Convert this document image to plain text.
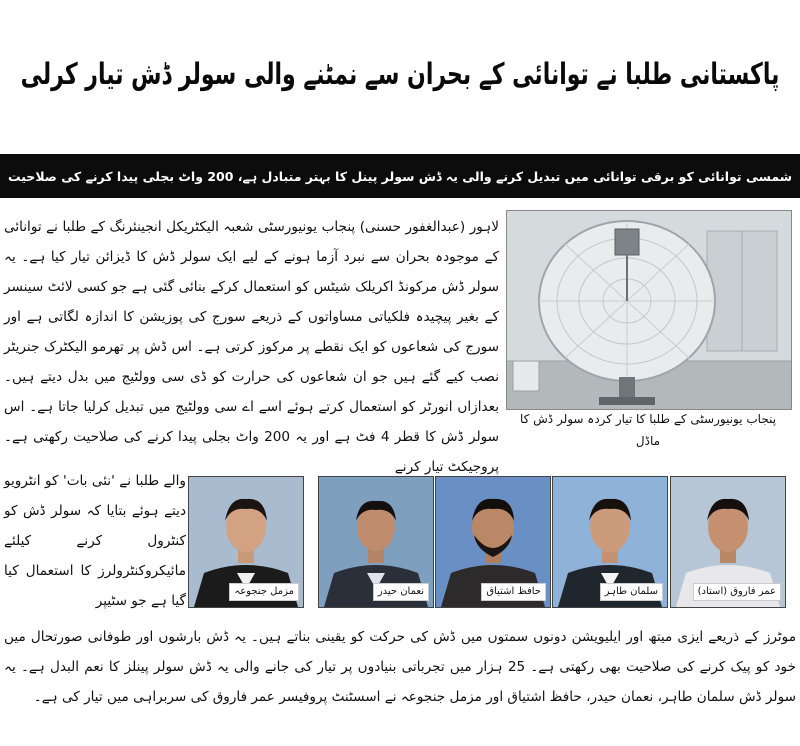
پاکستانی طلبا نے توانائی کے بحران سے نمٹنے والی سولر ڈش تیار کرلی
شمسی توانائی کو برقی توانائی میں تبدیل کرنے والی یہ ڈش سولر پینل کا بہتر متبادل ہے، 200 واٹ بجلی پیدا کرنے کی صلاحیت

لاہور (عبدالغفور حسنی) پنجاب یونیورسٹی شعبہ الیکٹریکل انجینئرنگ کے طلبا نے توانائی کے موجودہ بحران سے نبرد آزما ہونے کے لیے ایک سولر ڈش کا ڈیزائن تیار کیا ہے۔ یہ سولر ڈش مرکونڈ اکریلک شیٹس کو استعمال کرکے بنائی گئی ہے جو کسی لائٹ سینسر کے بغیر پیچیدہ فلکیاتی مساواتوں کے ذریعے سورج کی پوزیشن کا اندازہ لگاتی ہے اور سورج کی شعاعوں کو ایک نقطے پر مرکوز کرتی ہے۔ اس ڈش پر تھرمو الیکٹرک جنریٹر نصب کیے گئے ہیں جو ان شعاعوں کی حرارت کو ڈی سی وولٹیج میں بدل دیتے ہیں۔ بعدازاں انورٹر کو استعمال کرتے ہوئے اسے اے سی وولٹیج میں تبدیل کرلیا جاتا ہے۔ اس سولر ڈش کا قطر 4 فٹ ہے اور یہ 200 واٹ بجلی پیدا کرنے کی صلاحیت رکھتی ہے۔ پروجیکٹ تیار کرنے

پنجاب یونیورسٹی کے طلبا کا تیار کردہ سولر ڈش کا ماڈل

والے طلبا نے 'نئی بات' کو انٹرویو دیتے ہوئے بتایا کہ سولر ڈش کو کنٹرول کرنے کیلئے مائیکروکنٹرولرز کا استعمال کیا گیا ہے جو سٹیپر

مزمل جنجوعہ	نعمان حیدر	حافظ اشتیاق	سلمان طاہر	عمر فاروق (استاد)

موٹرز کے ذریعے ایزی میتھ اور ایلیویشن دونوں سمتوں میں ڈش کی حرکت کو یقینی بناتے ہیں۔ یہ ڈش بارشوں اور طوفانی صورتحال میں خود کو پیک کرنے کی صلاحیت بھی رکھتی ہے۔ 25 ہزار میں تجرباتی بنیادوں پر تیار کی جانے والی یہ ڈش سولر پینلز کا نعم البدل ہے۔ یہ سولر ڈش سلمان طاہر، نعمان حیدر، حافظ اشتیاق اور مزمل جنجوعہ نے اسسٹنٹ پروفیسر عمر فاروق کی سربراہی میں تیار کی ہے۔
